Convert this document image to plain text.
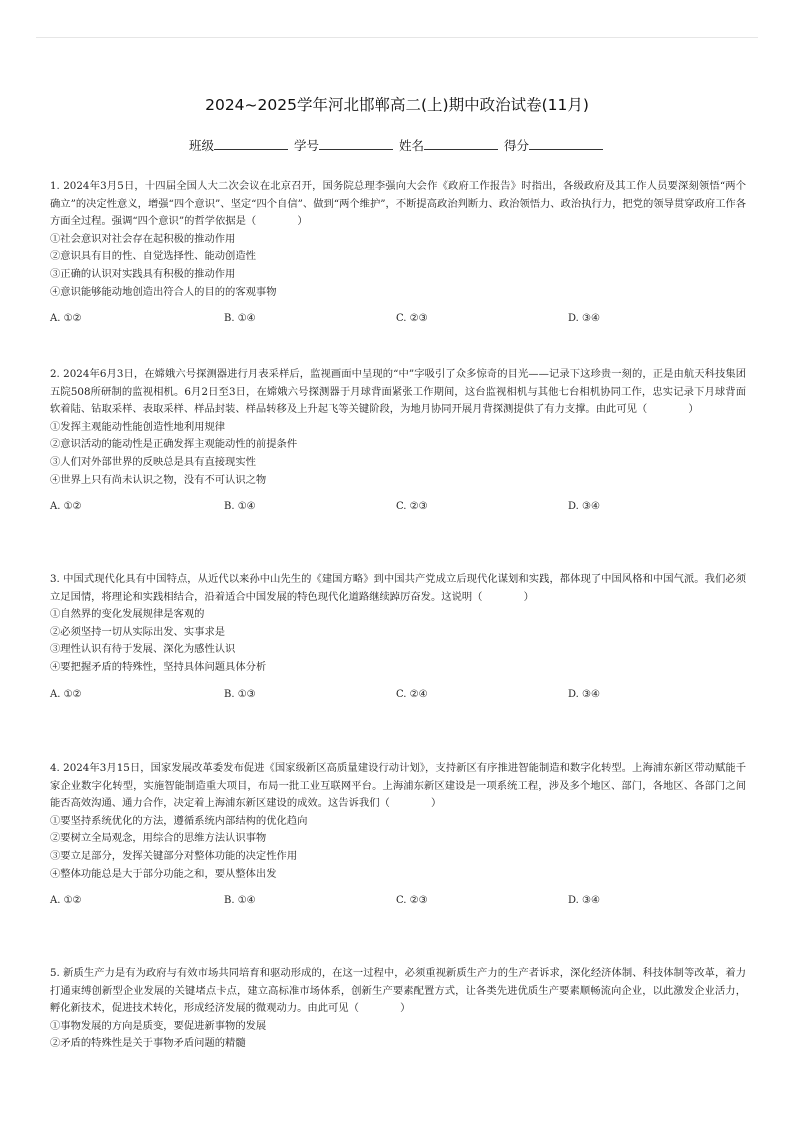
2024~2025学年河北邯郸高二(上)期中政治试卷(11月)
班级	学号	姓名	得分
1. 2024年3月5日，十四届全国人大二次会议在北京召开，国务院总理李强向大会作《政府工作报告》时指出，各级政府及其工作人员要深刻领悟“两个确立”的决定性意义，增强“四个意识”、坚定“四个自信”、做到“两个维护”，不断提高政治判断力、政治领悟力、政治执行力，把党的领导贯穿政府工作各方面全过程。强调“四个意识”的哲学依据是（　　　　）
①社会意识对社会存在起积极的推动作用
②意识具有目的性、自觉选择性、能动创造性
③正确的认识对实践具有积极的推动作用
④意识能够能动地创造出符合人的目的的客观事物
A. ①②	B. ①④	C. ②③	D. ③④
2. 2024年6月3日，在嫦娥六号探测器进行月表采样后，监视画面中呈现的“中”字吸引了众多惊奇的目光——记录下这珍贵一刻的，正是由航天科技集团五院508所研制的监视相机。6月2日至3日，在嫦娥六号探测器于月球背面紧张工作期间，这台监视相机与其他七台相机协同工作，忠实记录下月球背面软着陆、钻取采样、表取采样、样品封装、样品转移及上升起飞等关键阶段，为地月协同开展月背探测提供了有力支撑。由此可见（　　　　）
①发挥主观能动性能创造性地利用规律
②意识活动的能动性是正确发挥主观能动性的前提条件
③人们对外部世界的反映总是具有直接现实性
④世界上只有尚未认识之物，没有不可认识之物
A. ①②	B. ①④	C. ②③	D. ③④
3. 中国式现代化具有中国特点，从近代以来孙中山先生的《建国方略》到中国共产党成立后现代化谋划和实践，都体现了中国风格和中国气派。我们必须立足国情，将理论和实践相结合，沿着适合中国发展的特色现代化道路继续踔厉奋发。这说明（　　　　）
①自然界的变化发展规律是客观的
②必须坚持一切从实际出发、实事求是
③理性认识有待于发展、深化为感性认识
④要把握矛盾的特殊性，坚持具体问题具体分析
A. ①②	B. ①③	C. ②④	D. ③④
4. 2024年3月15日，国家发展改革委发布促进《国家级新区高质量建设行动计划》，支持新区有序推进智能制造和数字化转型。上海浦东新区带动赋能千家企业数字化转型，实施智能制造重大项目，布局一批工业互联网平台。上海浦东新区建设是一项系统工程，涉及多个地区、部门，各地区、各部门之间能否高效沟通、通力合作，决定着上海浦东新区建设的成效。这告诉我们（　　　　）
①要坚持系统优化的方法，遵循系统内部结构的优化趋向
②要树立全局观念，用综合的思维方法认识事物
③要立足部分，发挥关键部分对整体功能的决定性作用
④整体功能总是大于部分功能之和，要从整体出发
A. ①②	B. ①④	C. ②③	D. ③④
5. 新质生产力是有为政府与有效市场共同培育和驱动形成的，在这一过程中，必须重视新质生产力的生产者诉求，深化经济体制、科技体制等改革，着力打通束缚创新型企业发展的关键堵点卡点，建立高标准市场体系，创新生产要素配置方式，让各类先进优质生产要素顺畅流向企业，以此激发企业活力，孵化新技术，促进技术转化，形成经济发展的微观动力。由此可见（　　　　）
①事物发展的方向是质变，要促进新事物的发展
②矛盾的特殊性是关于事物矛盾问题的精髓
